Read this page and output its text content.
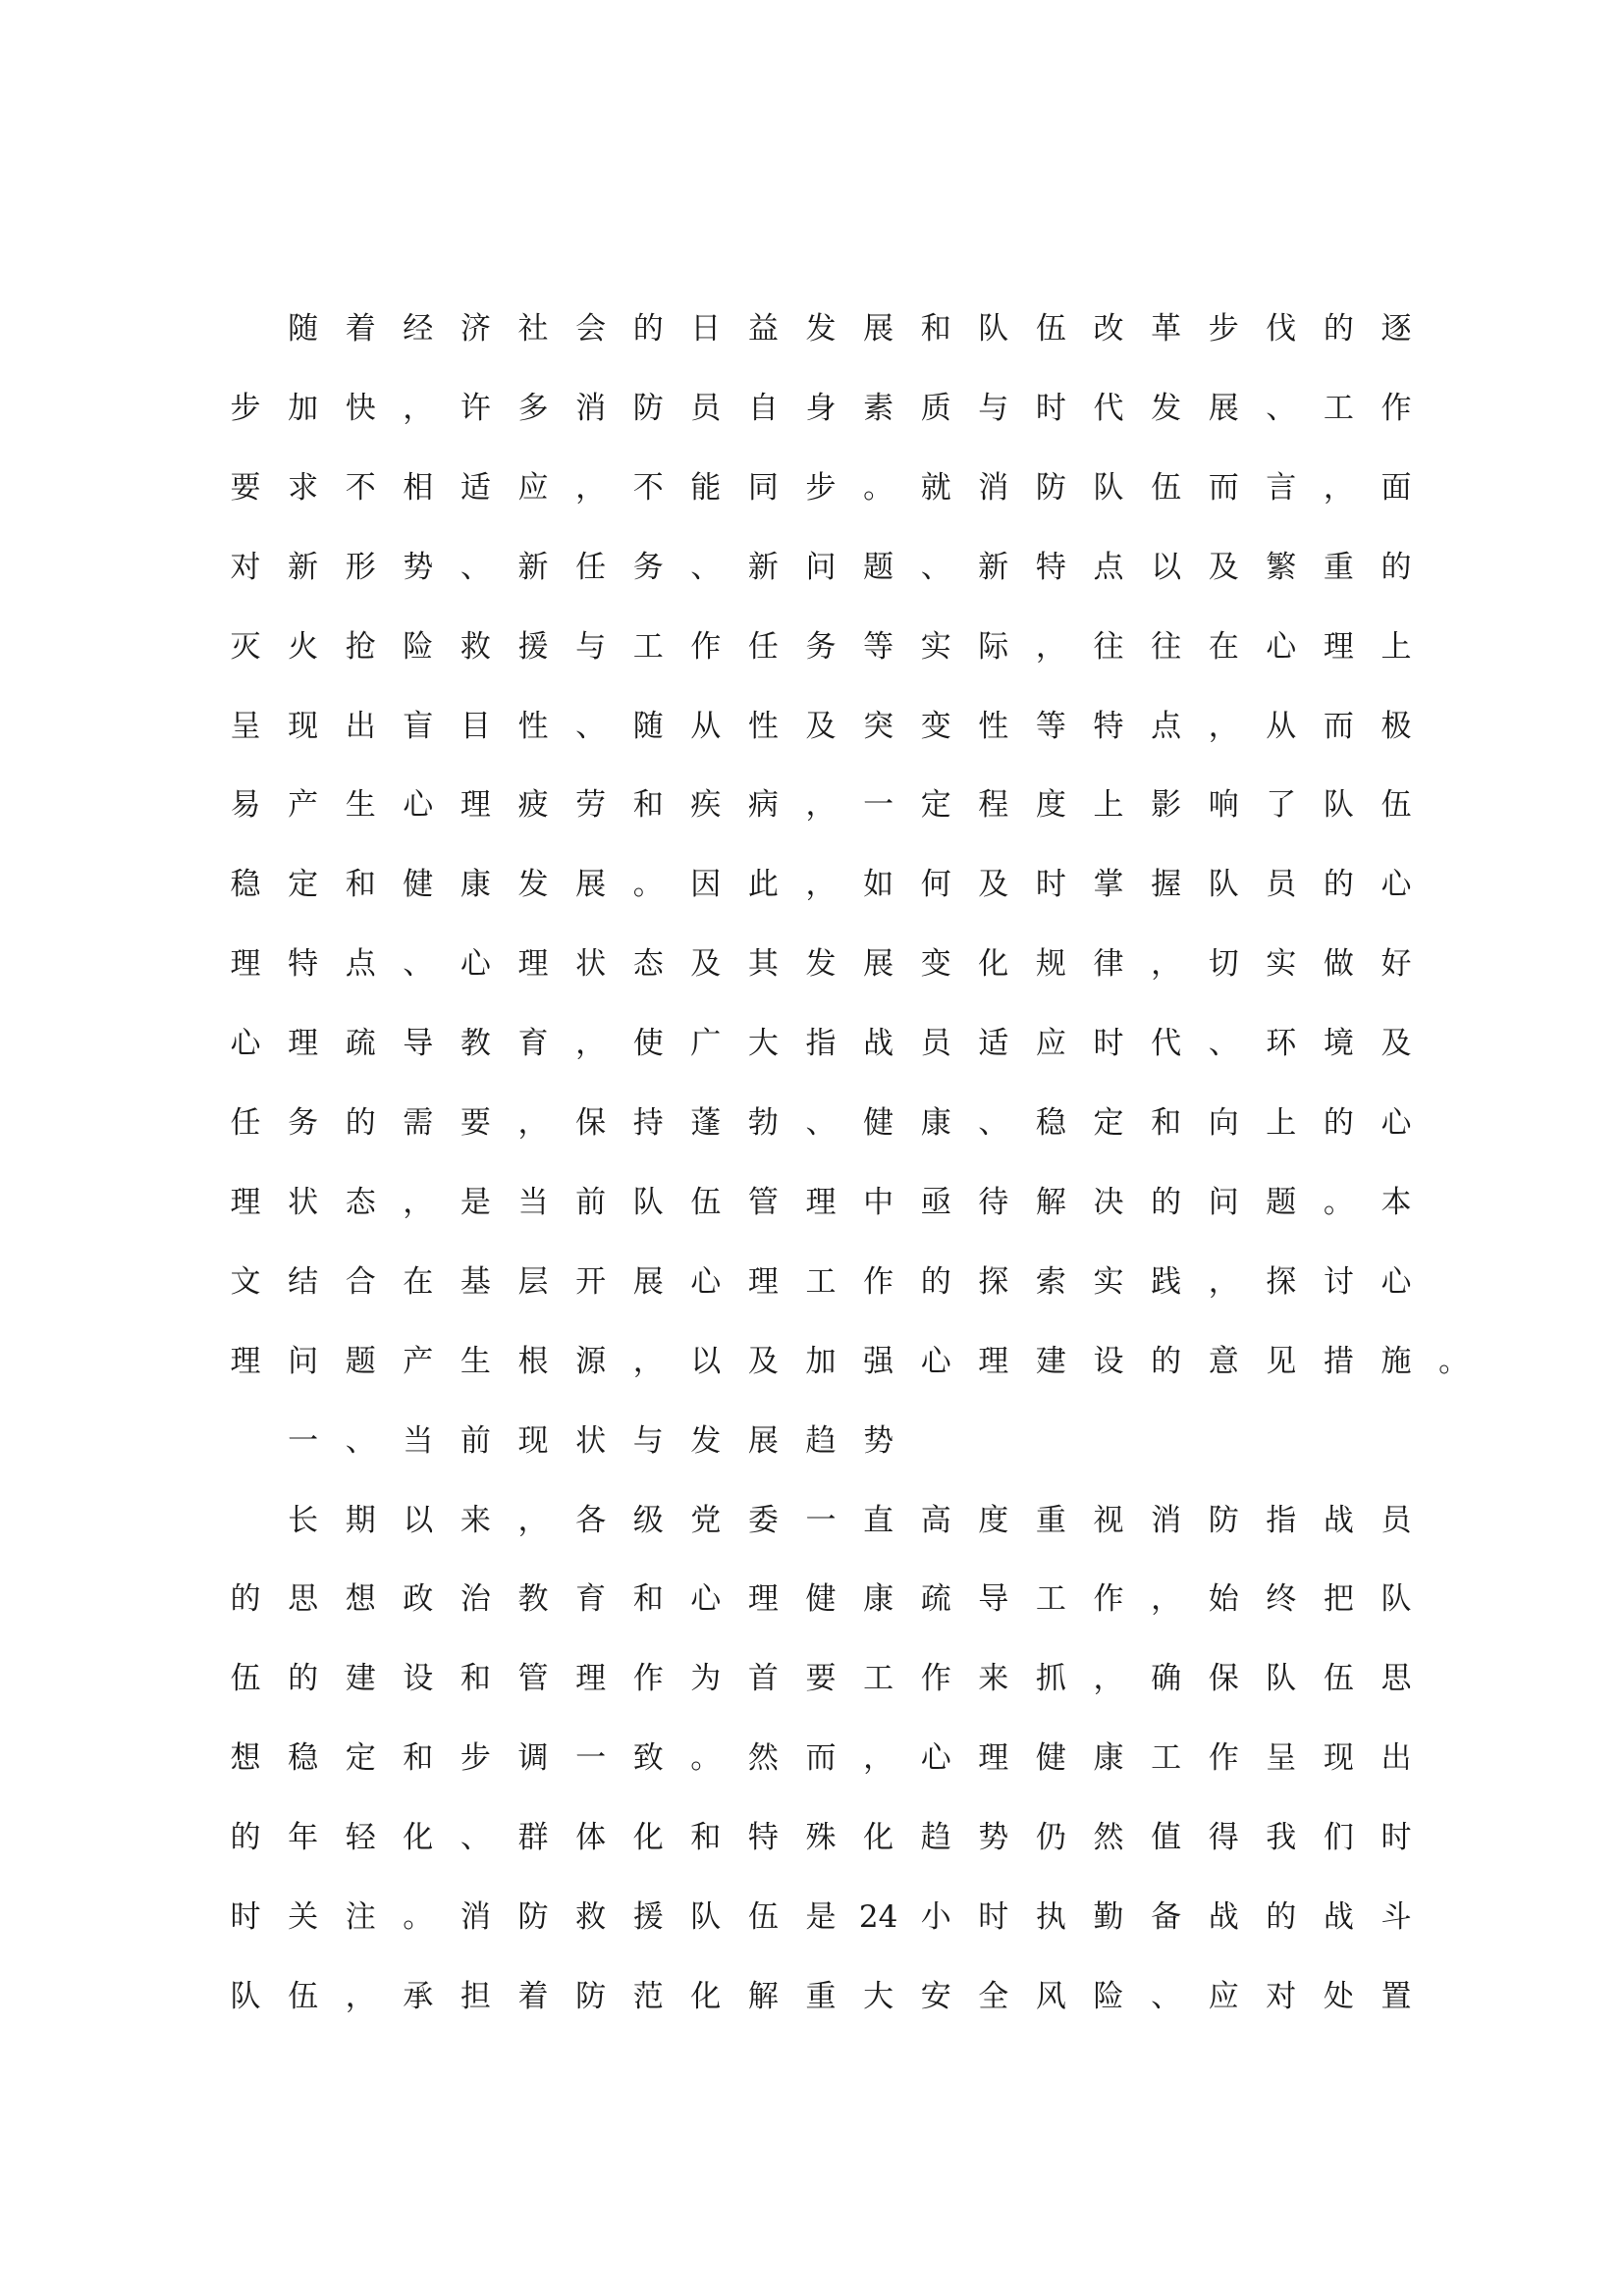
随 着 经 济 社 会 的 日 益 发 展 和 队 伍 改 革 步 伐 的 逐
步 加 快 ， 许 多 消 防 员 自 身 素 质 与 时 代 发 展 、 工 作
要 求 不 相 适 应 ， 不 能 同 步 。 就 消 防 队 伍 而 言 ， 面
对 新 形 势 、 新 任 务 、 新 问 题 、 新 特 点 以 及 繁 重 的
灭 火 抢 险 救 援 与 工 作 任 务 等 实 际 ， 往 往 在 心 理 上
呈 现 出 盲 目 性 、 随 从 性 及 突 变 性 等 特 点 ， 从 而 极
易 产 生 心 理 疲 劳 和 疾 病 ， 一 定 程 度 上 影 响 了 队 伍
稳 定 和 健 康 发 展 。 因 此 ， 如 何 及 时 掌 握 队 员 的 心
理 特 点 、 心 理 状 态 及 其 发 展 变 化 规 律 ， 切 实 做 好
心 理 疏 导 教 育 ， 使 广 大 指 战 员 适 应 时 代 、 环 境 及
任 务 的 需 要 ， 保 持 蓬 勃 、 健 康 、 稳 定 和 向 上 的 心
理 状 态 ， 是 当 前 队 伍 管 理 中 亟 待 解 决 的 问 题 。 本
文 结 合 在 基 层 开 展 心 理 工 作 的 探 索 实 践 ， 探 讨 心
理 问 题 产 生 根 源 ， 以 及 加 强 心 理 建 设 的 意 见 措 施 。
一 、 当 前 现 状 与 发 展 趋 势
长 期 以 来 ， 各 级 党 委 一 直 高 度 重 视 消 防 指 战 员
的 思 想 政 治 教 育 和 心 理 健 康 疏 导 工 作 ， 始 终 把 队
伍 的 建 设 和 管 理 作 为 首 要 工 作 来 抓 ， 确 保 队 伍 思
想 稳 定 和 步 调 一 致 。 然 而 ， 心 理 健 康 工 作 呈 现 出
的 年 轻 化 、 群 体 化 和 特 殊 化 趋 势 仍 然 值 得 我 们 时
时 关 注 。 消 防 救 援 队 伍 是 24 小 时 执 勤 备 战 的 战 斗
队 伍 ， 承 担 着 防 范 化 解 重 大 安 全 风 险 、 应 对 处 置
